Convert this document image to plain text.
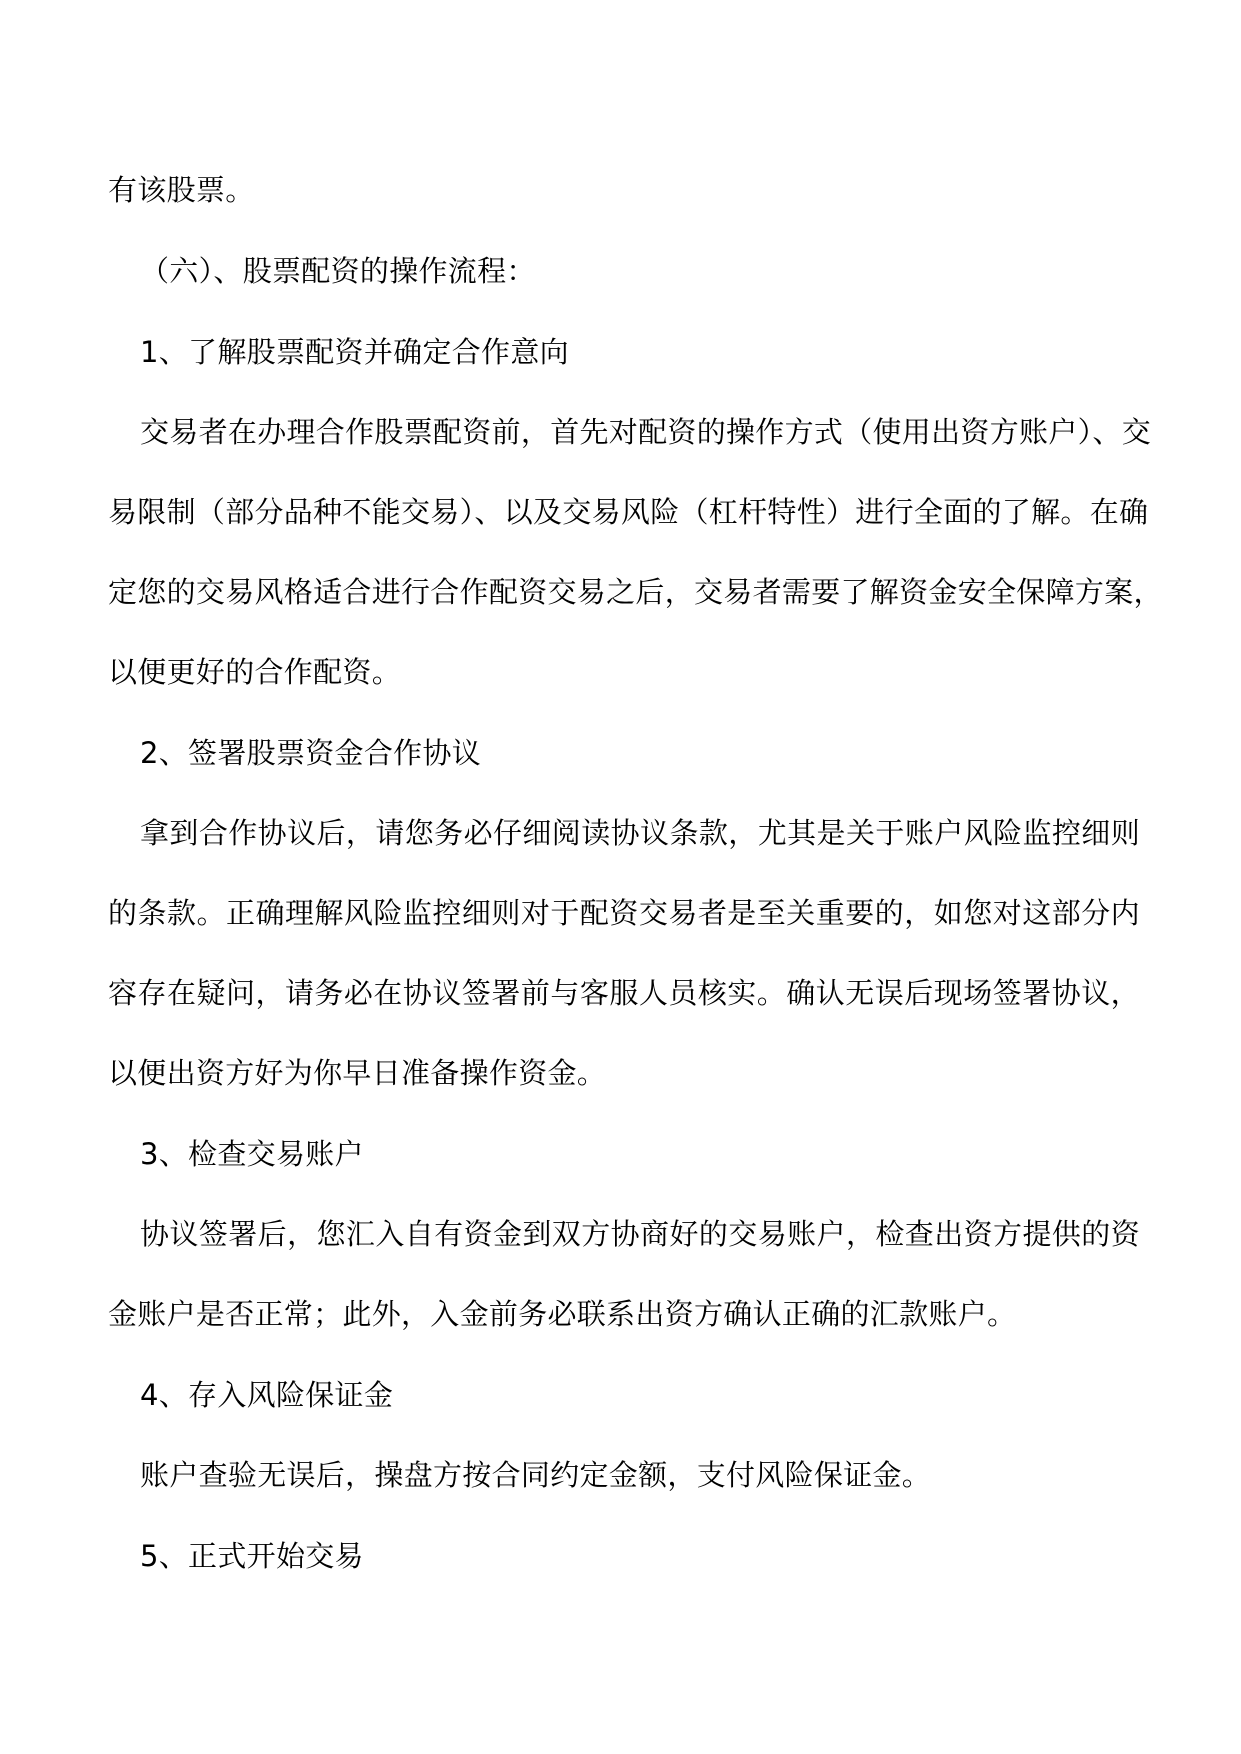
有该股票。
（六）、股票配资的操作流程：
1、了解股票配资并确定合作意向
交易者在办理合作股票配资前，首先对配资的操作方式（使用出资方账户）、交
易限制（部分品种不能交易）、以及交易风险（杠杆特性）进行全面的了解。在确
定您的交易风格适合进行合作配资交易之后，交易者需要了解资金安全保障方案，
以便更好的合作配资。
2、签署股票资金合作协议
拿到合作协议后，请您务必仔细阅读协议条款，尤其是关于账户风险监控细则
的条款。正确理解风险监控细则对于配资交易者是至关重要的，如您对这部分内
容存在疑问，请务必在协议签署前与客服人员核实。确认无误后现场签署协议，
以便出资方好为你早日准备操作资金。
3、检查交易账户
协议签署后，您汇入自有资金到双方协商好的交易账户，检查出资方提供的资
金账户是否正常；此外，入金前务必联系出资方确认正确的汇款账户。
4、存入风险保证金
账户查验无误后，操盘方按合同约定金额，支付风险保证金。
5、正式开始交易
